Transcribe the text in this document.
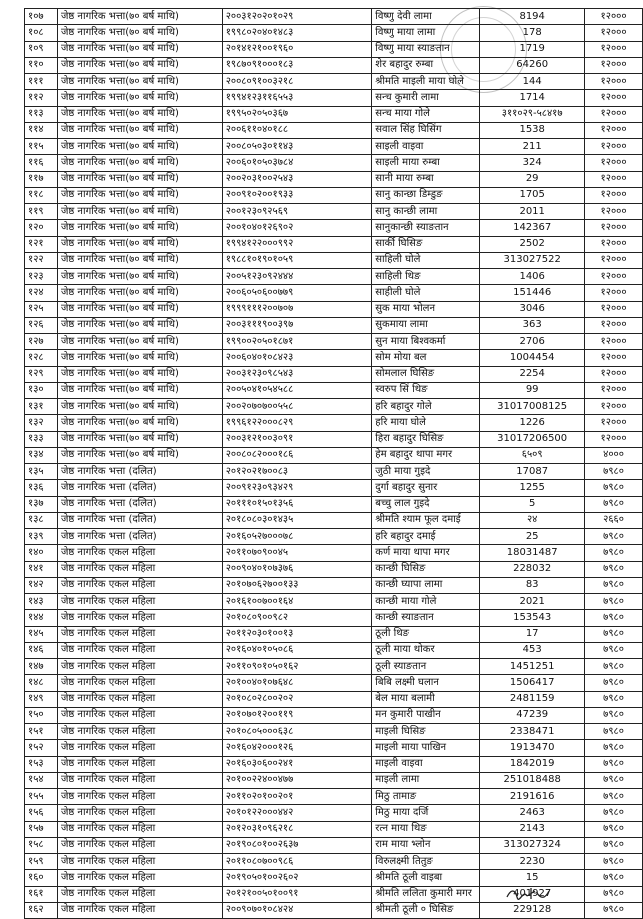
१०७	जेष्ठ नागरिक भत्ता(७० बर्ष माथि)	२००३१२०२०१०२९	विष्णु देवी लामा	8194	१२०००
१०८	जेष्ठ नागरिक भत्ता(७० बर्ष माथि)	१९९८०२०४०१४८३	विष्णु माया लामा	178	१२०००
१०९	जेष्ठ नागरिक भत्ता(७० बर्ष माथि)	२०१४१२१००१९६०	विष्णु माया स्याङतान	1719	१२०००
११०	जेष्ठ नागरिक भत्ता(७० बर्ष माथि)	१९८७०९१०००१८३	शेर बहादुर रुम्बा	64260	१२०००
१११	जेष्ठ नागरिक भत्ता(७० बर्ष माथि)	२००८०९१००३२१८	श्रीमति माइली माया घोले	144	१२०००
११२	जेष्ठ नागरिक भत्ता(७० बर्ष माथि)	१९९४१२३११६५५३	सन्च कुमारी लामा	1714	१२०००
११३	जेष्ठ नागरिक भत्ता(७० बर्ष माथि)	१९९५०२०५०३६७	सन्च माया गोले	३११०२९-५८४१७	१२०००
११४	जेष्ठ नागरिक भत्ता(७० बर्ष माथि)	२००६११०४०१८८	सवाल सिंह घिसिंग	1538	१२०००
११५	जेष्ठ नागरिक भत्ता(७० बर्ष माथि)	२००८०५०३०११४३	साइली वाइवा	211	१२०००
११६	जेष्ठ नागरिक भत्ता(७० बर्ष माथि)	२००६०१०५०३७८४	साइली माया रुम्बा	324	१२०००
११७	जेष्ठ नागरिक भत्ता(७० बर्ष माथि)	२००२०३१००२५४३	सानी माया रुम्बा	29	१२०००
११८	जेष्ठ नागरिक भत्ता(७० बर्ष माथि)	२००९१०२००१९३३	सानु कान्छा डिम्डुङ	1705	१२०००
११९	जेष्ठ नागरिक भत्ता(७० बर्ष माथि)	२००१२३०९२५६९	सानु कान्छी लामा	2011	१२०००
१२०	जेष्ठ नागरिक भत्ता(७० बर्ष माथि)	२००१०४०१२६९०२	सानुकान्छी स्याङतान	142367	१२०००
१२१	जेष्ठ नागरिक भत्ता(७० बर्ष माथि)	१९९४१२२०००९९२	सार्की घिसिङ	2502	१२०००
१२२	जेष्ठ नागरिक भत्ता(७० बर्ष माथि)	१९८८१०१९०१०५९	साहिली घोले	313027522	१२०००
१२३	जेष्ठ नागरिक भत्ता(७० बर्ष माथि)	२००५१२३०९२४४४	साहिली थिङ	1406	१२०००
१२४	जेष्ठ नागरिक भत्ता(७० बर्ष माथि)	२००६०५०६००७७९	साहीली घोले	151446	१२०००
१२५	जेष्ठ नागरिक भत्ता(७० बर्ष माथि)	१९९९१११२००७०७	सुक माया भोलन	3046	१२०००
१२६	जेष्ठ नागरिक भत्ता(७० बर्ष माथि)	२००३१११९००३९७	सुकमाया लामा	363	१२०००
१२७	जेष्ठ नागरिक भत्ता(७० बर्ष माथि)	१९९००२०५०१८७१	सुन माया बिश्वकर्मा	2706	१२०००
१२८	जेष्ठ नागरिक भत्ता(७० बर्ष माथि)	२००६०४०१०८४२३	सोम मोया बल	1004454	१२०००
१२९	जेष्ठ नागरिक भत्ता(७० बर्ष माथि)	२००३१२३०९८५४३	सोमलाल घिसिङ	2254	१२०००
१३०	जेष्ठ नागरिक भत्ता(७० बर्ष माथि)	२००५०४१०५४५८८	स्वरुप सिं थिङ	99	१२०००
१३१	जेष्ठ नागरिक भत्ता(७० बर्ष माथि)	२००२०७०७००५५८	हरि बहादुर गोले	31017008125	१२०००
१३२	जेष्ठ नागरिक भत्ता(७० बर्ष माथि)	१९९६१२२०००८२९	हरि माया घोले	1226	१२०००
१३३	जेष्ठ नागरिक भत्ता(७० बर्ष माथि)	२००३१२१००३०९१	हिरा बहादुर घिसिङ	31017206500	१२०००
१३४	जेष्ठ नागरिक भत्ता(७० बर्ष माथि)	२००८०८२०००१८६	हेम बहादुर थापा मगर	६५०९	४०००
१३५	जेष्ठ नागरिक भत्ता (दलित)	२०१२०२१७००८३	जुठी माया गुइदे	17087	७९८०
१३६	जेष्ठ नागरिक भत्ता (दलित)	२००९१२३०९३४२९	दुर्गा बहादुर सुनार	1255	७९८०
१३७	जेष्ठ नागरिक भत्ता (दलित)	२०१११०१५०१३५६	बच्चु लाल गुइदे	5	७९८०
१३८	जेष्ठ नागरिक भत्ता (दलित)	२०१८०८०३०१४३५	श्रीमति श्याम फूल दमाई	२४	२६६०
१३९	जेष्ठ नागरिक भत्ता (दलित)	२०१६०५२७०००७८	हरि बहादुर दमाई	25	७९८०
१४०	जेष्ठ नागरिक एकल महिला	२०११०७०९००४५	कर्ण माया थापा मगर	18031487	७९८०
१४१	जेष्ठ नागरिक एकल महिला	२००९०४०१०७३७६	कान्छी घिसिङ	228032	७९८०
१४२	जेष्ठ नागरिक एकल महिला	२०१०७०६२७००१३३	कान्छी घ्यापा लामा	83	७९८०
१४३	जेष्ठ नागरिक एकल महिला	२०१६१००७००१६४	कान्छी माया गोले	2021	७९८०
१४४	जेष्ठ नागरिक एकल महिला	२०१०८०९००९८२	कान्छी स्याङतान	153543	७९८०
१४५	जेष्ठ नागरिक एकल महिला	२०११२०३०१००१३	ठूली थिङ	17	७९८०
१४६	जेष्ठ नागरिक एकल महिला	२०१६०४०१०५०८६	ठूली माया थोकर	453	७९८०
१४७	जेष्ठ नागरिक एकल महिला	२०११०९०१०५०१६२	ठूली स्याङतान	1451251	७९८०
१४८	जेष्ठ नागरिक एकल महिला	२०१००४०१०७६४८	बिबि लक्ष्मी घलान	1506417	७९८०
१४९	जेष्ठ नागरिक एकल महिला	२०१०८०२८००२०२	बेल माया बलामी	2481159	७९८०
१५०	जेष्ठ नागरिक एकल महिला	२०१०७०१२००११९	मन कुमारी पाखीन	47239	७९८०
१५१	जेष्ठ नागरिक एकल महिला	२०१०८०५०००६३८	माइली घिसिङ	2338471	७९८०
१५२	जेष्ठ नागरिक एकल महिला	२०१६०४२०००१२६	माइली माया पाखिन	1913470	७९८०
१५३	जेष्ठ नागरिक एकल महिला	२०१६०३०६००२४१	माइली वाइवा	1842019	७९८०
१५४	जेष्ठ नागरिक एकल महिला	२०१००२२४००४७७	माइली लामा	251018488	७९८०
१५५	जेष्ठ नागरिक एकल महिला	२०११०२०१००२०१	मिठु तामाङ	2191616	७९८०
१५६	जेष्ठ नागरिक एकल महिला	२०१०१२२०००४४२	मिठु माया दर्जि	2463	७९८०
१५७	जेष्ठ नागरिक एकल महिला	२०१२०३१०९६२१८	रत्न माया थिङ	2143	७९८०
१५८	जेष्ठ नागरिक एकल महिला	२०१९०८०१००२६३७	राम माया भ्लोन	313027324	७९८०
१५९	जेष्ठ नागरिक एकल महिला	२०११०८०७००९८६	विरुलक्ष्मी तितुङ	2230	७९८०
१६०	जेष्ठ नागरिक एकल महिला	२०१९०५०१००२६०२	श्रीमति ठूली वाइबा	15	७९८०
१६१	जेष्ठ नागरिक एकल महिला	२०१२१००५०१००९१	श्रीमति ललिता कुमारी मगर	401927	७९८०
१६२	जेष्ठ नागरिक एकल महिला	२००९०७०१०८४२४	श्रीमती ठूली ० घिसिङ	229128	७९८०
